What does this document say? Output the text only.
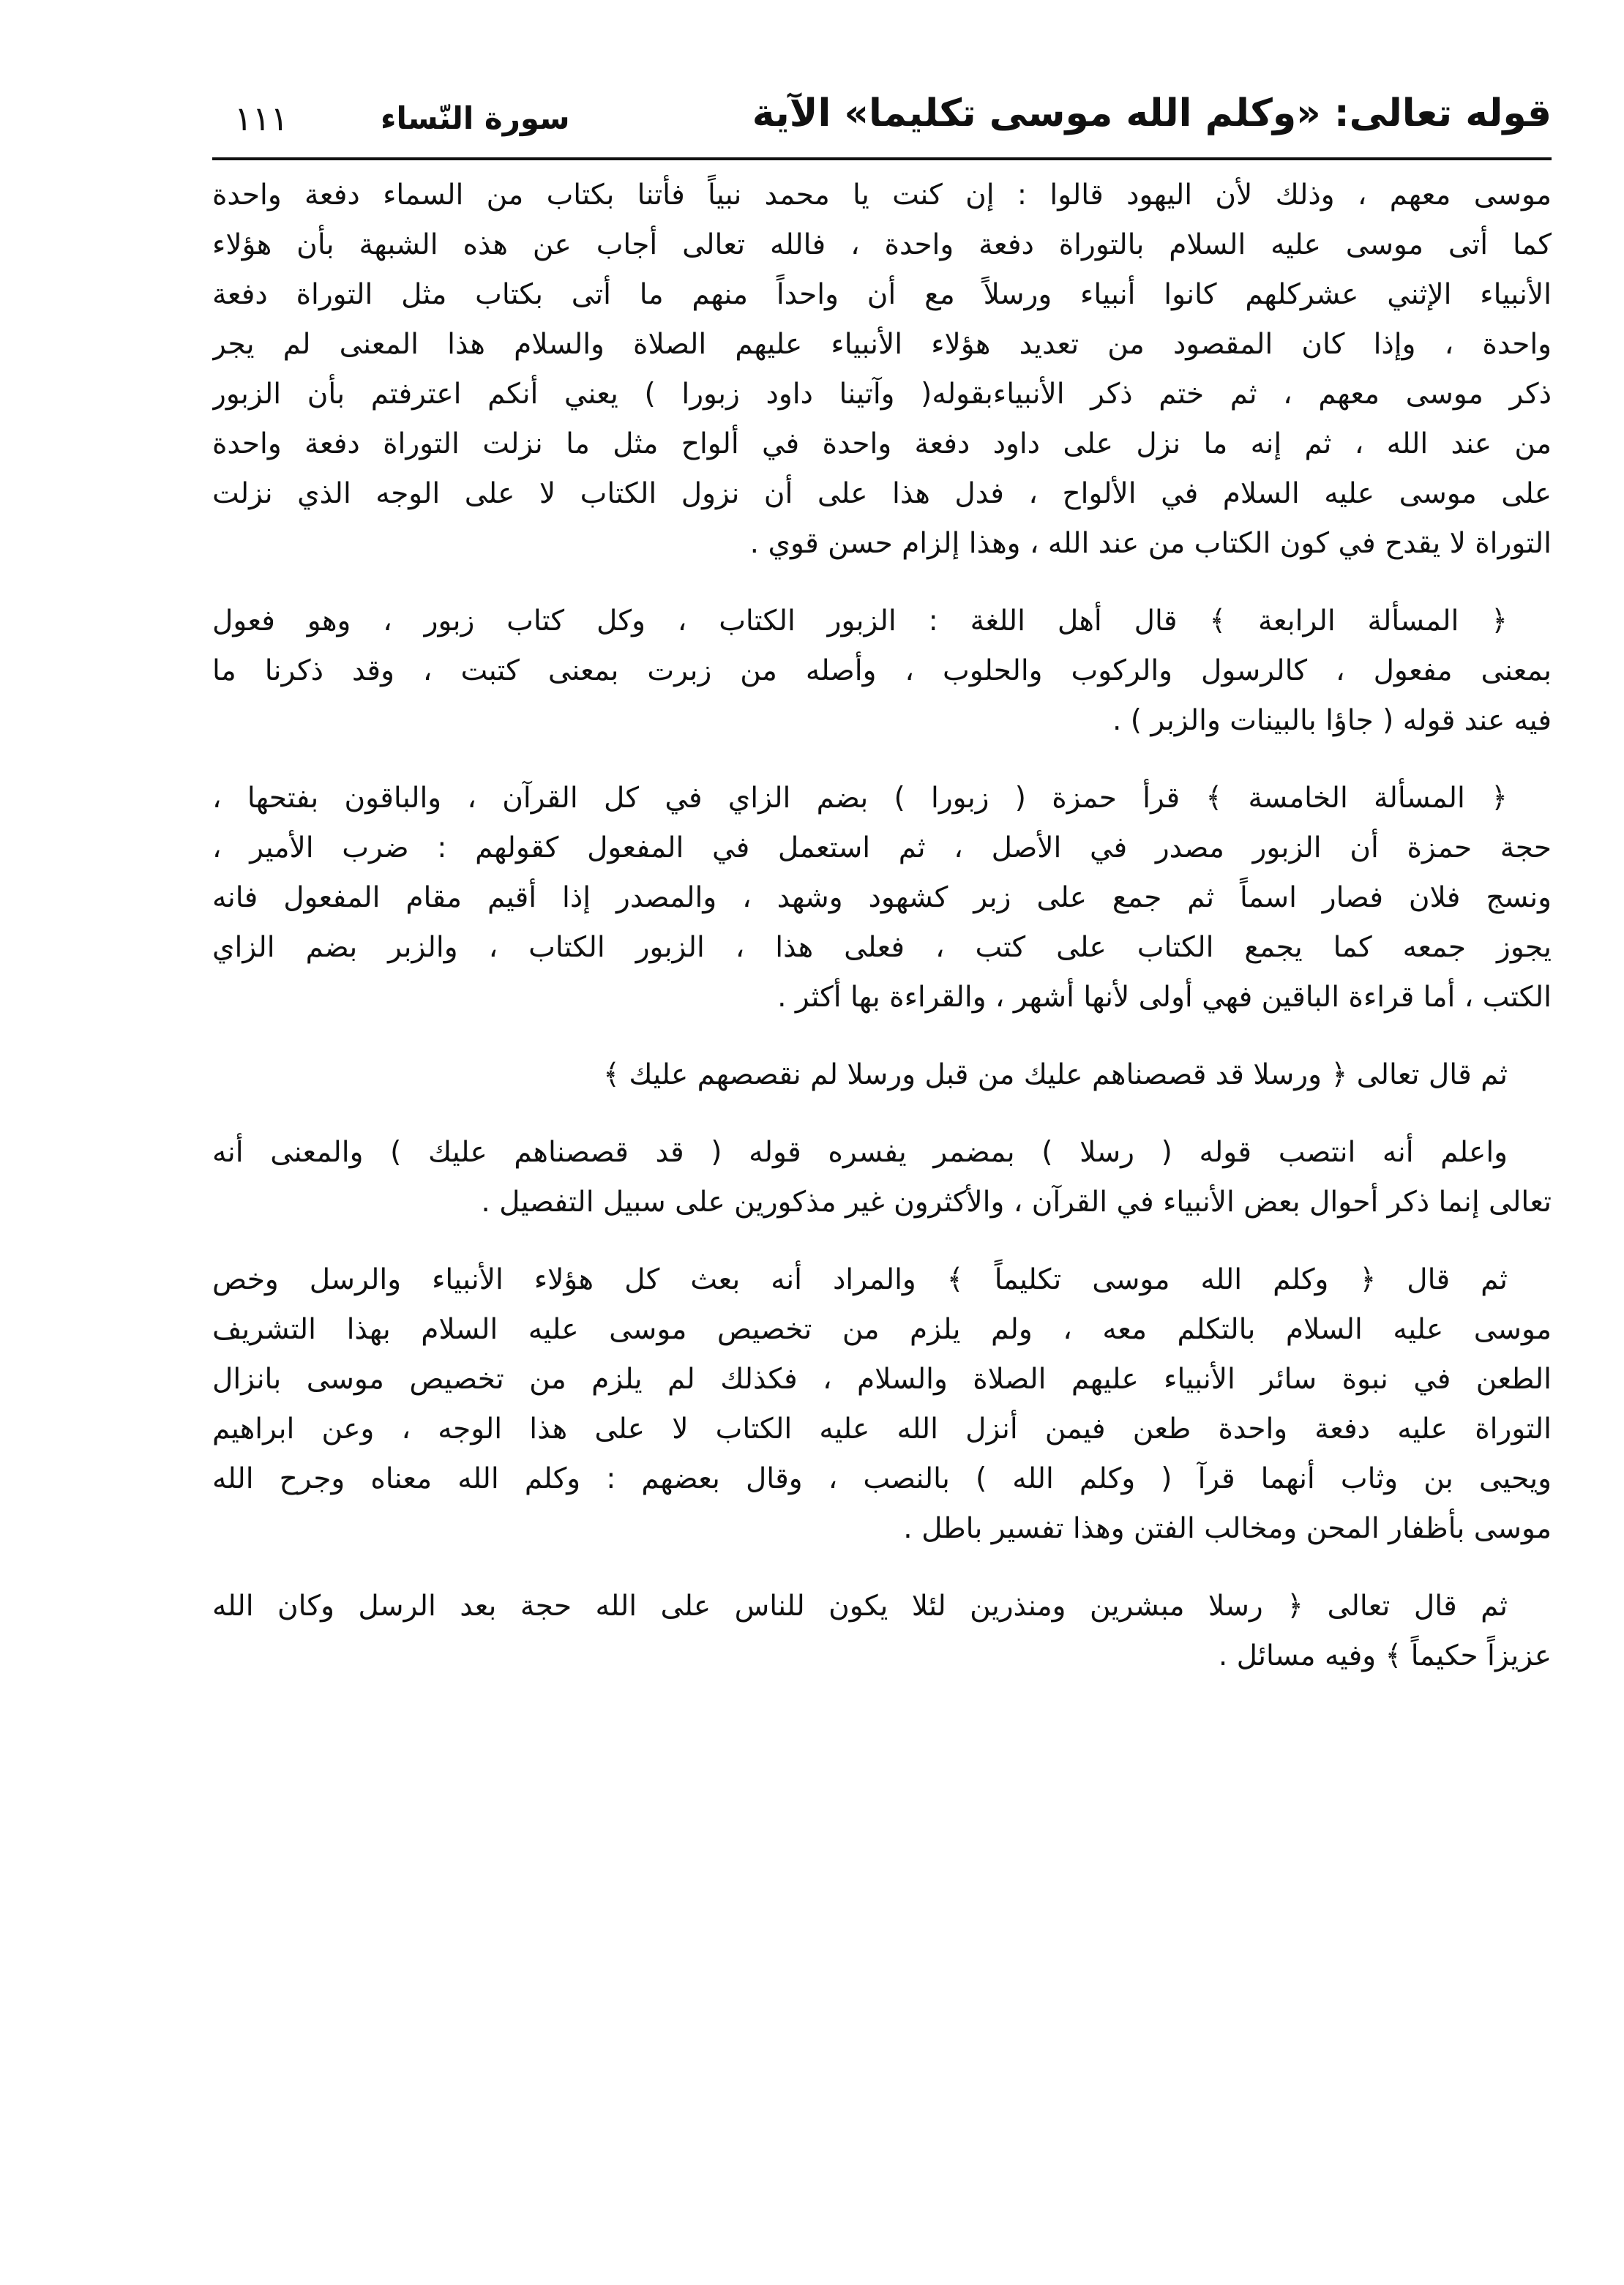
قوله تعالى: «وكلم الله موسى تكليما» الآية
سورة النّساء
١١١
موسى معهم ، وذلك لأن اليهود قالوا : إن كنت يا محمد نبياً فأتنا بكتاب من السماء دفعة واحدة
كما أتى موسى عليه السلام بالتوراة دفعة واحدة ، فالله تعالى أجاب عن هذه الشبهة بأن هؤلاء
الأنبياء الإثني عشركلهم كانوا أنبياء ورسلاً مع أن واحداً منهم ما أتى بكتاب مثل التوراة دفعة
واحدة ، وإذا كان المقصود من تعديد هؤلاء الأنبياء عليهم الصلاة والسلام هذا المعنى لم يجر
ذكر موسى معهم ، ثم ختم ذكر الأنبياءبقوله( وآتينا داود زبورا ) يعني أنكم اعترفتم بأن الزبور
من عند الله ، ثم إنه ما نزل على داود دفعة واحدة في ألواح مثل ما نزلت التوراة دفعة واحدة
على موسى عليه السلام في الألواح ، فدل هذا على أن نزول الكتاب لا على الوجه الذي نزلت
التوراة لا يقدح في كون الكتاب من عند الله ، وهذا إلزام حسن قوي .
﴿ المسألة الرابعة ﴾ قال أهل اللغة : الزبور الكتاب ، وكل كتاب زبور ، وهو فعول
بمعنى مفعول ، كالرسول والركوب والحلوب ، وأصله من زبرت بمعنى كتبت ، وقد ذكرنا ما
فيه عند قوله ( جاؤا بالبينات والزبر ) .
﴿ المسألة الخامسة ﴾ قرأ حمزة ( زبورا ) بضم الزاي في كل القرآن ، والباقون بفتحها ،
حجة حمزة أن الزبور مصدر في الأصل ، ثم استعمل في المفعول كقولهم : ضرب الأمير ،
ونسج فلان فصار اسماً ثم جمع على زبر كشهود وشهد ، والمصدر إذا أقيم مقام المفعول فانه
يجوز جمعه كما يجمع الكتاب على كتب ، فعلى هذا ، الزبور الكتاب ، والزبر بضم الزاي
الكتب ، أما قراءة الباقين فهي أولى لأنها أشهر ، والقراءة بها أكثر .
ثم قال تعالى ﴿ ورسلا قد قصصناهم عليك من قبل ورسلا لم نقصصهم عليك ﴾
واعلم أنه انتصب قوله ( رسلا ) بمضمر يفسره قوله ( قد قصصناهم عليك ) والمعنى أنه
تعالى إنما ذكر أحوال بعض الأنبياء في القرآن ، والأكثرون غير مذكورين على سبيل التفصيل .
ثم قال ﴿ وكلم الله موسى تكليماً ﴾ والمراد أنه بعث كل هؤلاء الأنبياء والرسل وخص
موسى عليه السلام بالتكلم معه ، ولم يلزم من تخصيص موسى عليه السلام بهذا التشريف
الطعن في نبوة سائر الأنبياء عليهم الصلاة والسلام ، فكذلك لم يلزم من تخصيص موسى بانزال
التوراة عليه دفعة واحدة طعن فيمن أنزل الله عليه الكتاب لا على هذا الوجه ، وعن ابراهيم
ويحيى بن وثاب أنهما قرآ ( وكلم الله ) بالنصب ، وقال بعضهم : وكلم الله معناه وجرح الله
موسى بأظفار المحن ومخالب الفتن وهذا تفسير باطل .
ثم قال تعالى ﴿ رسلا مبشرين ومنذرين لئلا يكون للناس على الله حجة بعد الرسل وكان الله
عزيزاً حكيماً ﴾ وفيه مسائل .
